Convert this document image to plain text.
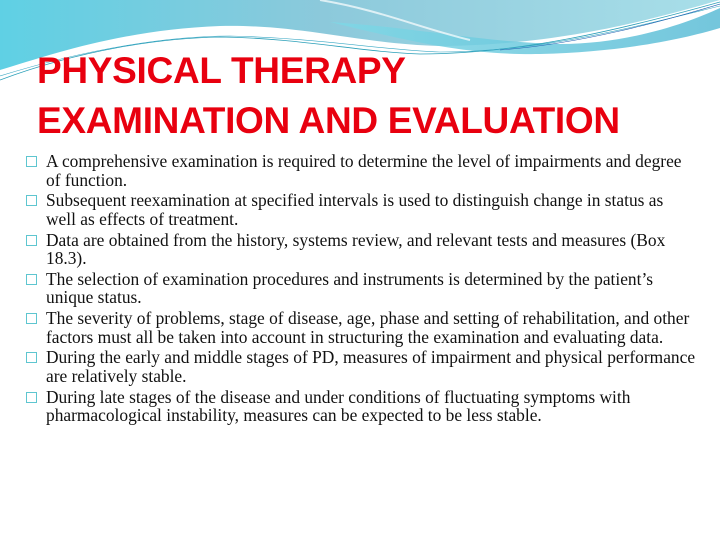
PHYSICAL THERAPY
EXAMINATION AND EVALUATION
A comprehensive examination is required to determine the level of impairments and degree of function.
Subsequent reexamination at specified intervals is used to distinguish change in status as well as effects of treatment.
Data are obtained from the history, systems review, and relevant tests and measures (Box 18.3).
The selection of examination procedures and instruments is determined by the patient’s unique status.
The severity of problems, stage of disease, age, phase and setting of rehabilitation, and other factors must all be taken into account in structuring the examination and evaluating data.
During the early and middle stages of PD, measures of impairment and physical performance are relatively stable.
During late stages of the disease and under conditions of fluctuating symptoms with pharmacological instability, measures can be expected to be less stable.
